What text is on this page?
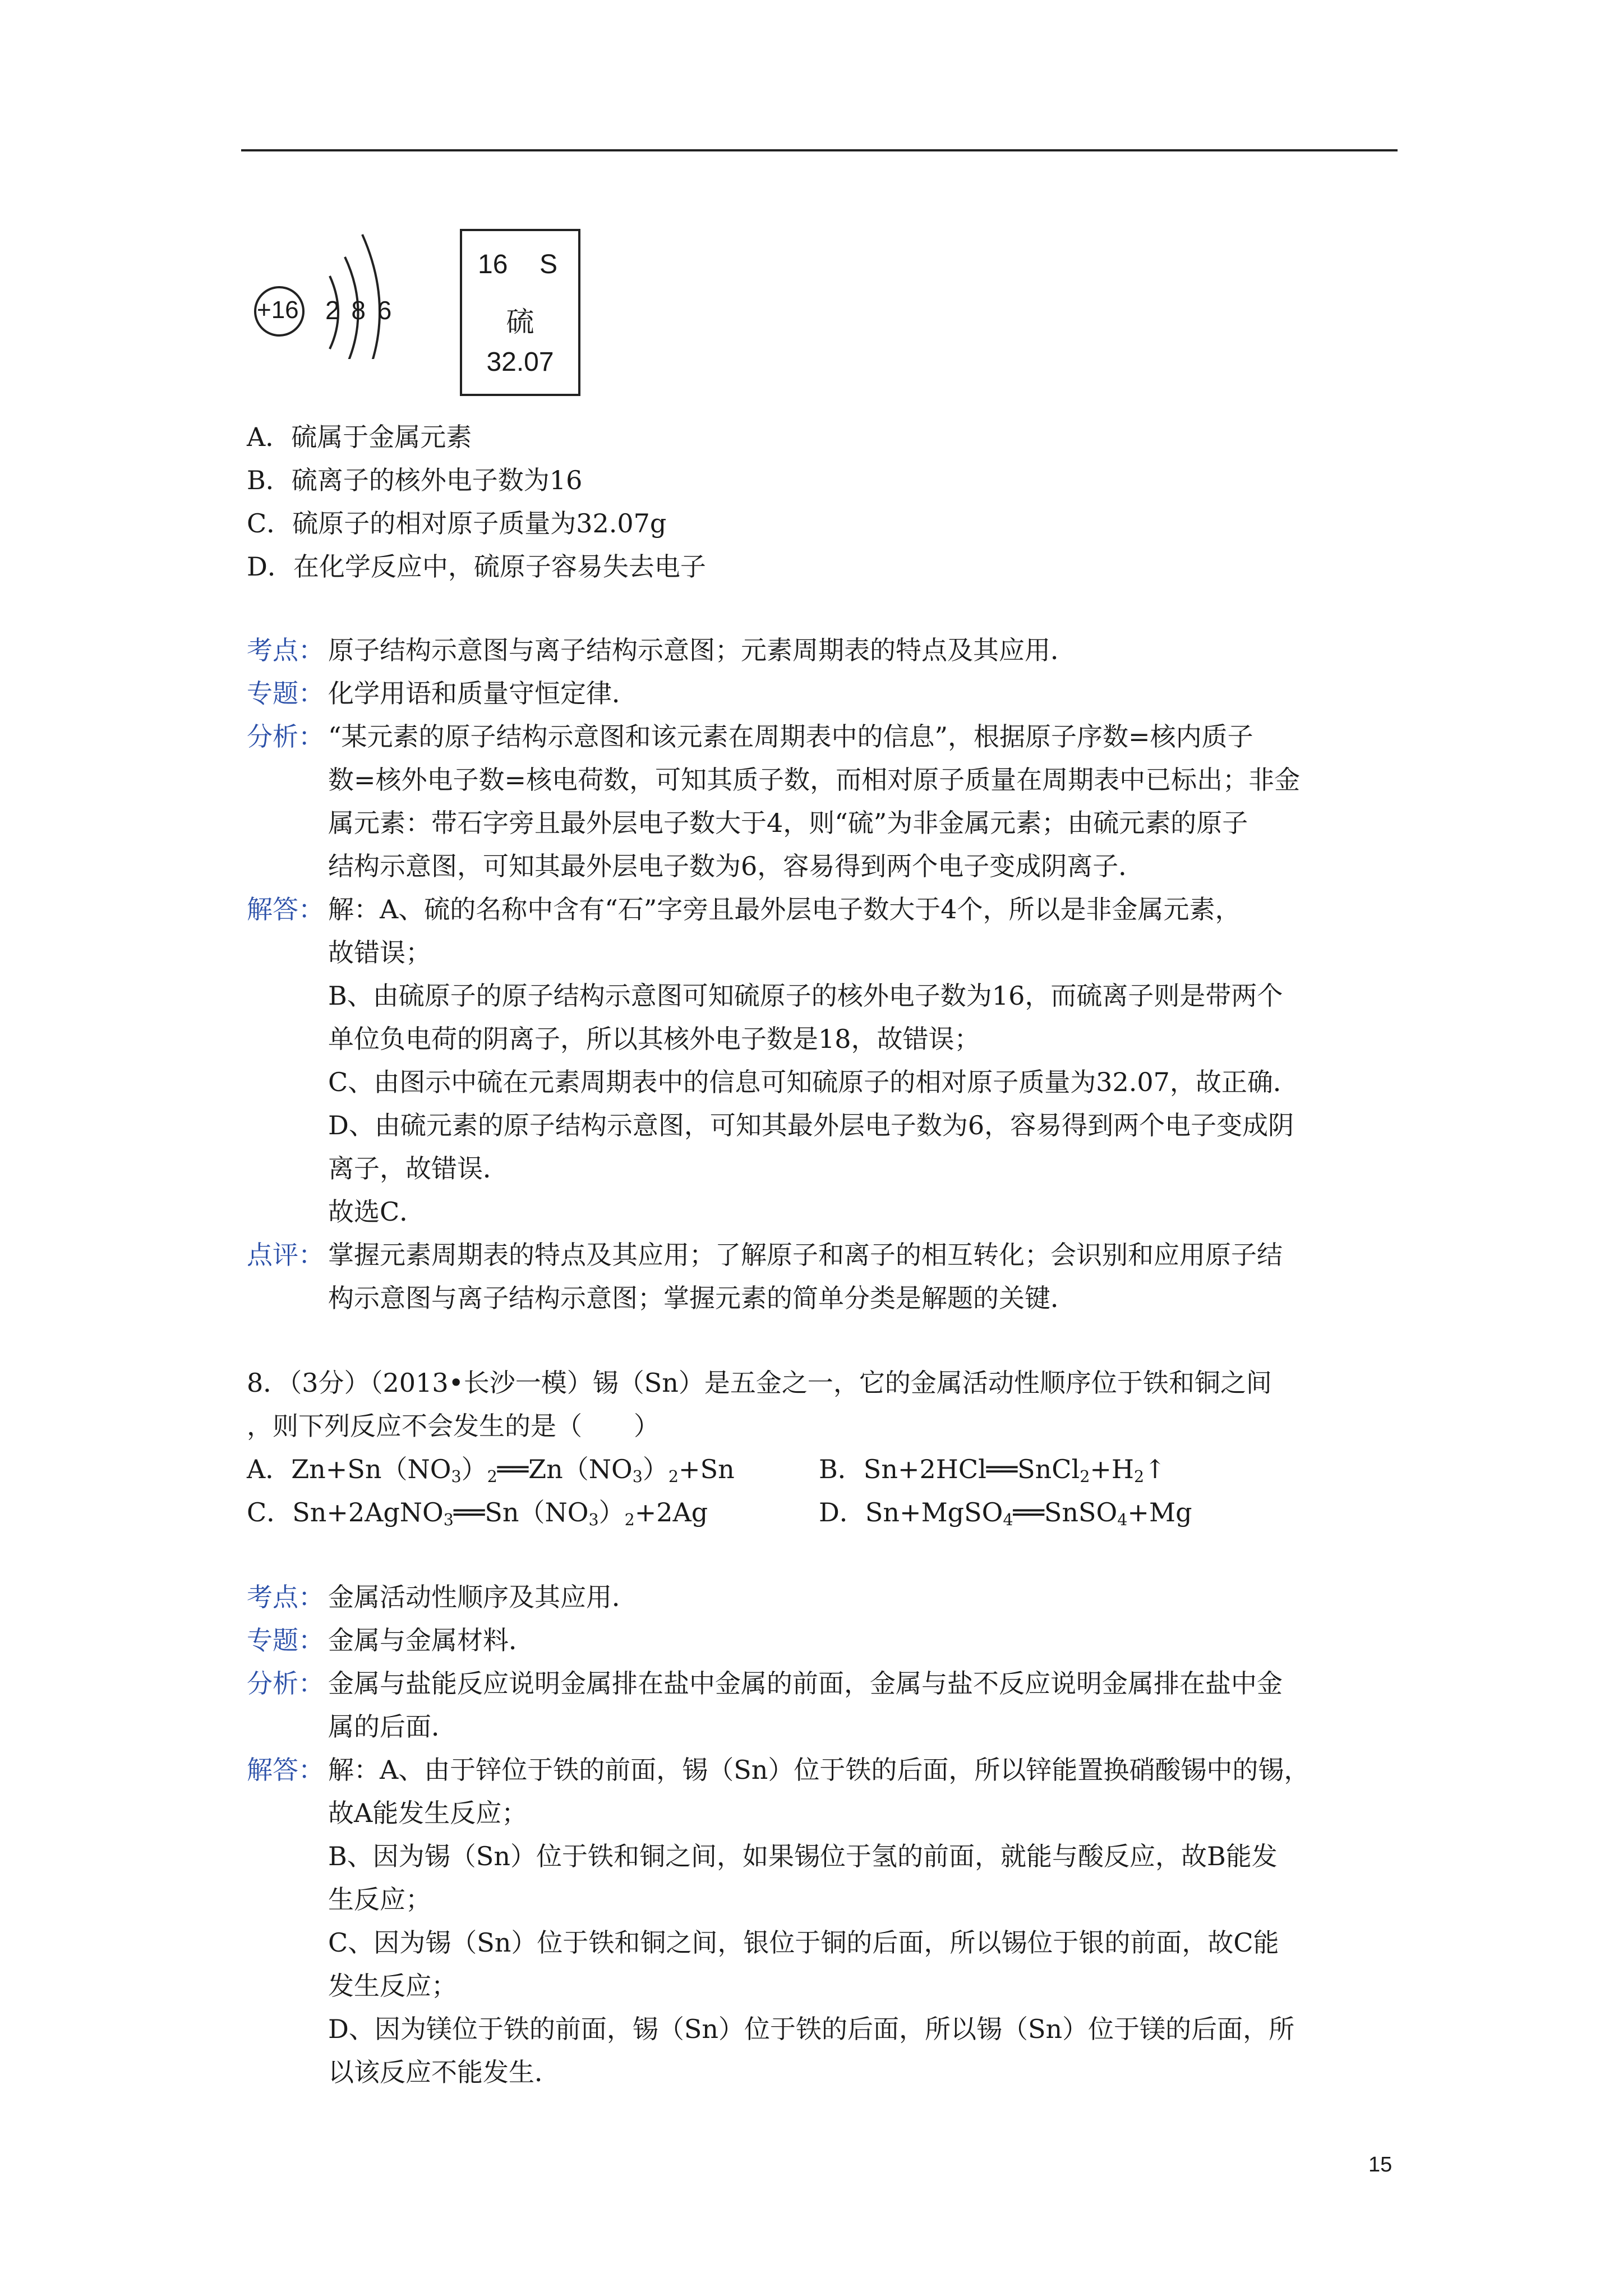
+16 2 8 6
16 S
硫
32.07
A．硫属于金属元素
B．硫离子的核外电子数为16
C．硫原子的相对原子质量为32.07g
D．在化学反应中，硫原子容易失去电子
考点： 原子结构示意图与离子结构示意图；元素周期表的特点及其应用．
专题： 化学用语和质量守恒定律．
分析： “某元素的原子结构示意图和该元素在周期表中的信息”，根据原子序数=核内质子
数=核外电子数=核电荷数，可知其质子数，而相对原子质量在周期表中已标出；非金
属元素：带石字旁且最外层电子数大于4，则“硫”为非金属元素；由硫元素的原子
结构示意图，可知其最外层电子数为6，容易得到两个电子变成阴离子．
解答： 解：A、硫的名称中含有“石”字旁且最外层电子数大于4个，所以是非金属元素，
故错误；
B、由硫原子的原子结构示意图可知硫原子的核外电子数为16，而硫离子则是带两个
单位负电荷的阴离子，所以其核外电子数是18，故错误；
C、由图示中硫在元素周期表中的信息可知硫原子的相对原子质量为32.07，故正确．
D、由硫元素的原子结构示意图，可知其最外层电子数为6，容易得到两个电子变成阴
离子，故错误．
故选C．
点评： 掌握元素周期表的特点及其应用；了解原子和离子的相互转化；会识别和应用原子结
构示意图与离子结构示意图；掌握元素的简单分类是解题的关键．
8．（3分）（2013•长沙一模）锡（Sn）是五金之一，它的金属活动性顺序位于铁和铜之间
，则下列反应不会发生的是（　　）
A．$Zn+Sn(NO_3)_2══Zn(NO_3)_2+Sn$	B．$Sn+2HCl══SnCl_2+H_2↑$
C．$Sn+2AgNO_3══Sn(NO_3)_2+2Ag$	D．Sn+MgSO$_4$══SnSO$_4$+Mg
考点： 金属活动性顺序及其应用．
专题： 金属与金属材料．
分析： 金属与盐能反应说明金属排在盐中金属的前面，金属与盐不反应说明金属排在盐中金
属的后面．
解答： 解：A、由于锌位于铁的前面，锡（Sn）位于铁的后面，所以锌能置换硝酸锡中的锡，
故A能发生反应；
B、因为锡（Sn）位于铁和铜之间，如果锡位于氢的前面，就能与酸反应，故B能发
生反应；
C、因为锡（Sn）位于铁和铜之间，银位于铜的后面，所以锡位于银的前面，故C能
发生反应；
D、因为镁位于铁的前面，锡（Sn）位于铁的后面，所以锡（Sn）位于镁的后面，所
以该反应不能发生．
15
